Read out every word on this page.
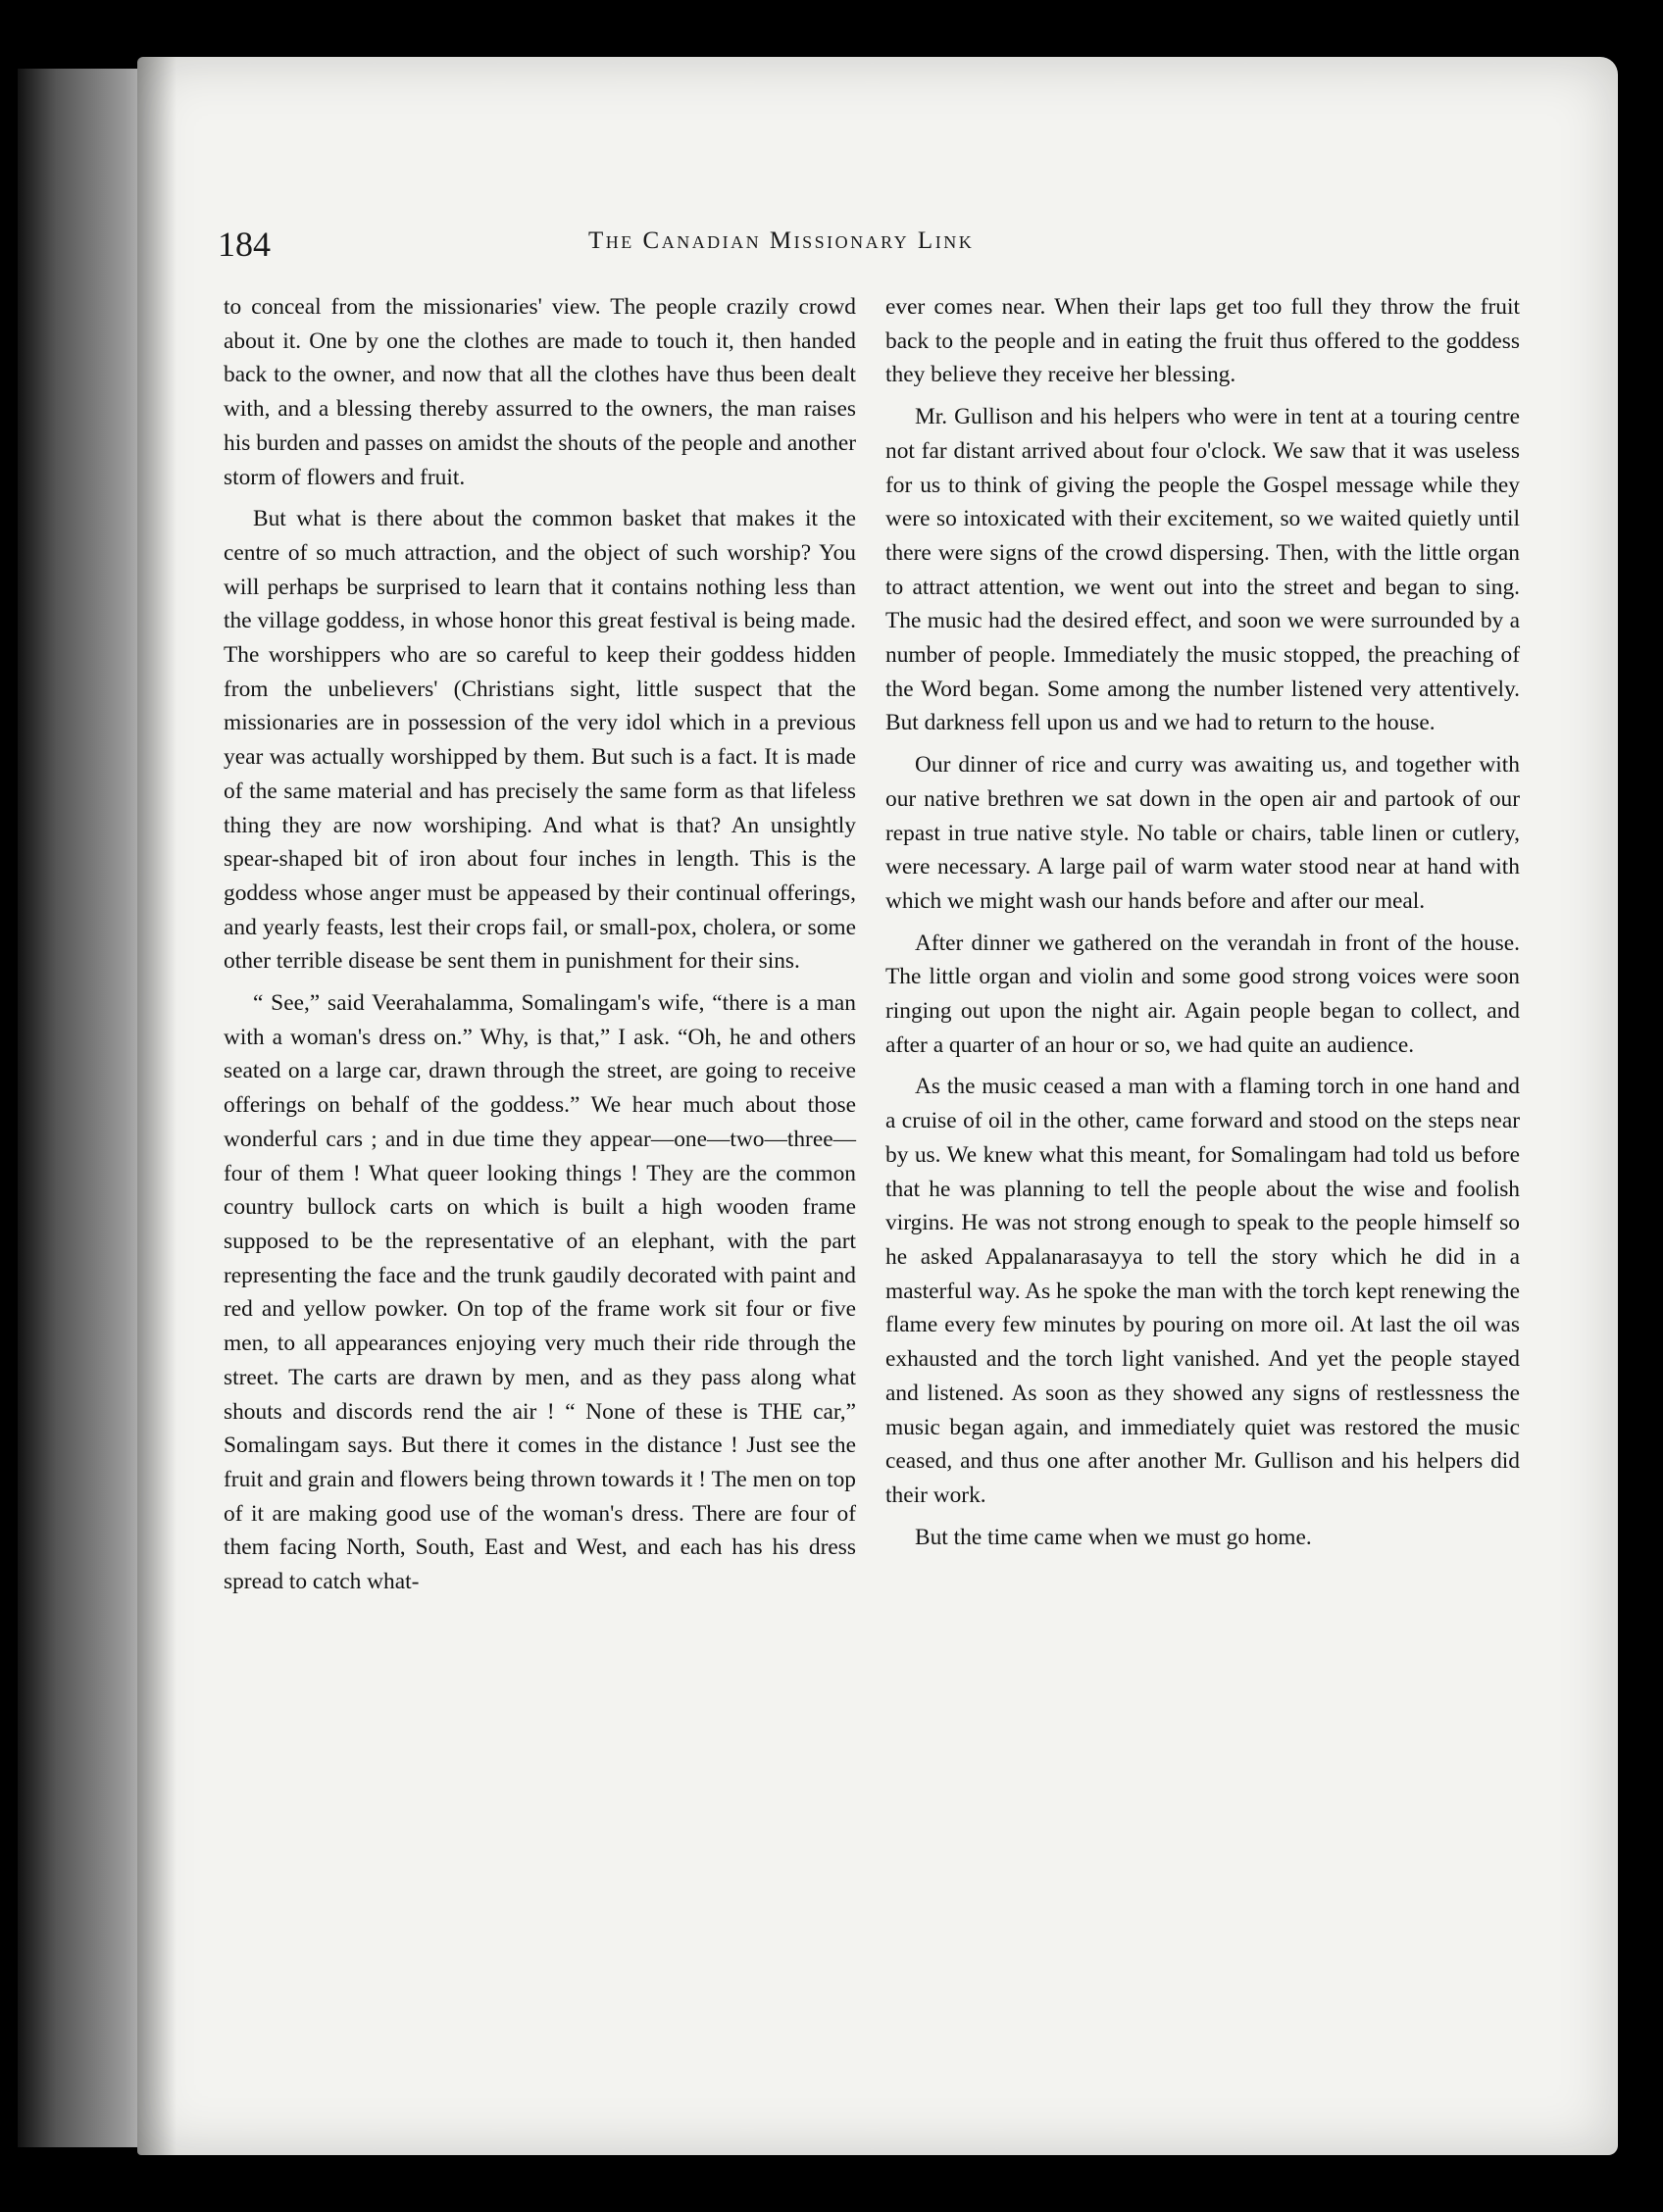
184	The Canadian Missionary Link

to conceal from the missionaries' view. The people crazily crowd about it. One by one the clothes are made to touch it, then handed back to the owner, and now that all the clothes have thus been dealt with, and a blessing thereby assurred to the owners, the man raises his burden and passes on amidst the shouts of the people and another storm of flowers and fruit.

But what is there about the common basket that makes it the centre of so much attraction, and the object of such worship? You will perhaps be surprised to learn that it contains nothing less than the village goddess, in whose honor this great festival is being made. The worshippers who are so careful to keep their goddess hidden from the unbelievers' (Christians sight, little suspect that the missionaries are in possession of the very idol which in a previous year was actually worshipped by them. But such is a fact. It is made of the same material and has precisely the same form as that lifeless thing they are now worshiping. And what is that? An unsightly spear-shaped bit of iron about four inches in length. This is the goddess whose anger must be appeased by their continual offerings, and yearly feasts, lest their crops fail, or small-pox, cholera, or some other terrible disease be sent them in punishment for their sins.

“ See,” said Veerahalamma, Somalingam's wife, “there is a man with a woman's dress on.” Why, is that,” I ask. “Oh, he and others seated on a large car, drawn through the street, are going to receive offerings on behalf of the goddess.” We hear much about those wonderful cars ; and in due time they appear—one—two—three—four of them ! What queer looking things ! They are the common country bullock carts on which is built a high wooden frame supposed to be the representative of an elephant, with the part representing the face and the trunk gaudily decorated with paint and red and yellow powker. On top of the frame work sit four or five men, to all appearances enjoying very much their ride through the street. The carts are drawn by men, and as they pass along what shouts and discords rend the air ! “ None of these is THE car,” Somalingam says. But there it comes in the distance ! Just see the fruit and grain and flowers being thrown towards it ! The men on top of it are making good use of the woman's dress. There are four of them facing North, South, East and West, and each has his dress spread to catch what-

ever comes near. When their laps get too full they throw the fruit back to the people and in eating the fruit thus offered to the goddess they believe they receive her blessing.

Mr. Gullison and his helpers who were in tent at a touring centre not far distant arrived about four o'clock. We saw that it was useless for us to think of giving the people the Gospel message while they were so intoxicated with their excitement, so we waited quietly until there were signs of the crowd dispersing. Then, with the little organ to attract attention, we went out into the street and began to sing. The music had the desired effect, and soon we were surrounded by a number of people. Immediately the music stopped, the preaching of the Word began. Some among the number listened very attentively. But darkness fell upon us and we had to return to the house.

Our dinner of rice and curry was awaiting us, and together with our native brethren we sat down in the open air and partook of our repast in true native style. No table or chairs, table linen or cutlery, were necessary. A large pail of warm water stood near at hand with which we might wash our hands before and after our meal.

After dinner we gathered on the verandah in front of the house. The little organ and violin and some good strong voices were soon ringing out upon the night air. Again people began to collect, and after a quarter of an hour or so, we had quite an audience.

As the music ceased a man with a flaming torch in one hand and a cruise of oil in the other, came forward and stood on the steps near by us. We knew what this meant, for Somalingam had told us before that he was planning to tell the people about the wise and foolish virgins. He was not strong enough to speak to the people himself so he asked Appalanarasayya to tell the story which he did in a masterful way. As he spoke the man with the torch kept renewing the flame every few minutes by pouring on more oil. At last the oil was exhausted and the torch light vanished. And yet the people stayed and listened. As soon as they showed any signs of restlessness the music began again, and immediately quiet was restored the music ceased, and thus one after another Mr. Gullison and his helpers did their work.

But the time came when we must go home.
